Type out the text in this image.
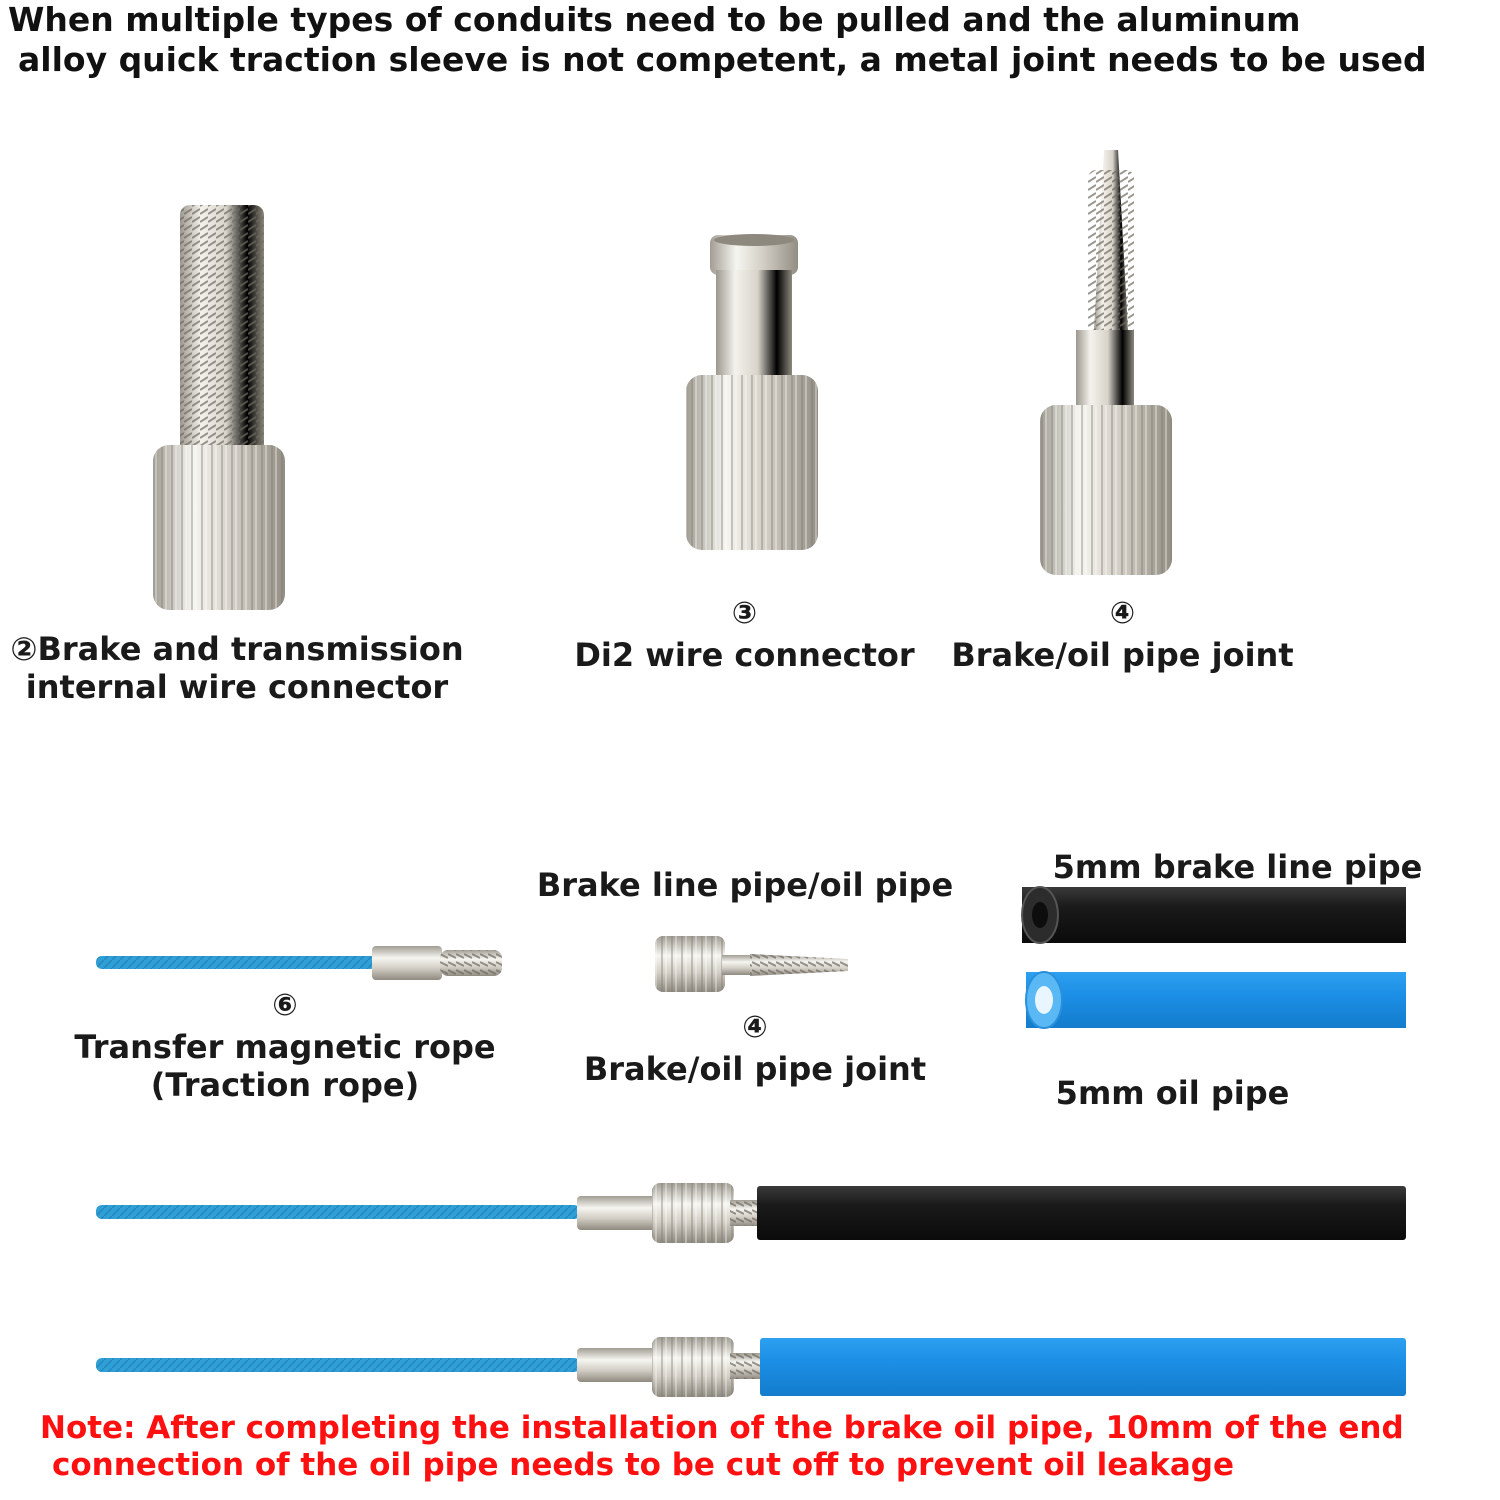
When multiple types of conduits need to be pulled and the aluminum
alloy quick traction sleeve is not competent, a metal joint needs to be used
②Brake and transmission
internal wire connector
③
Di2 wire connector
④
Brake/oil pipe joint
⑥
Transfer magnetic rope
(Traction rope)
Brake line pipe/oil pipe
④
Brake/oil pipe joint
5mm brake line pipe
5mm oil pipe
Note: After completing the installation of the brake oil pipe, 10mm of the end
connection of the oil pipe needs to be cut off to prevent oil leakage
